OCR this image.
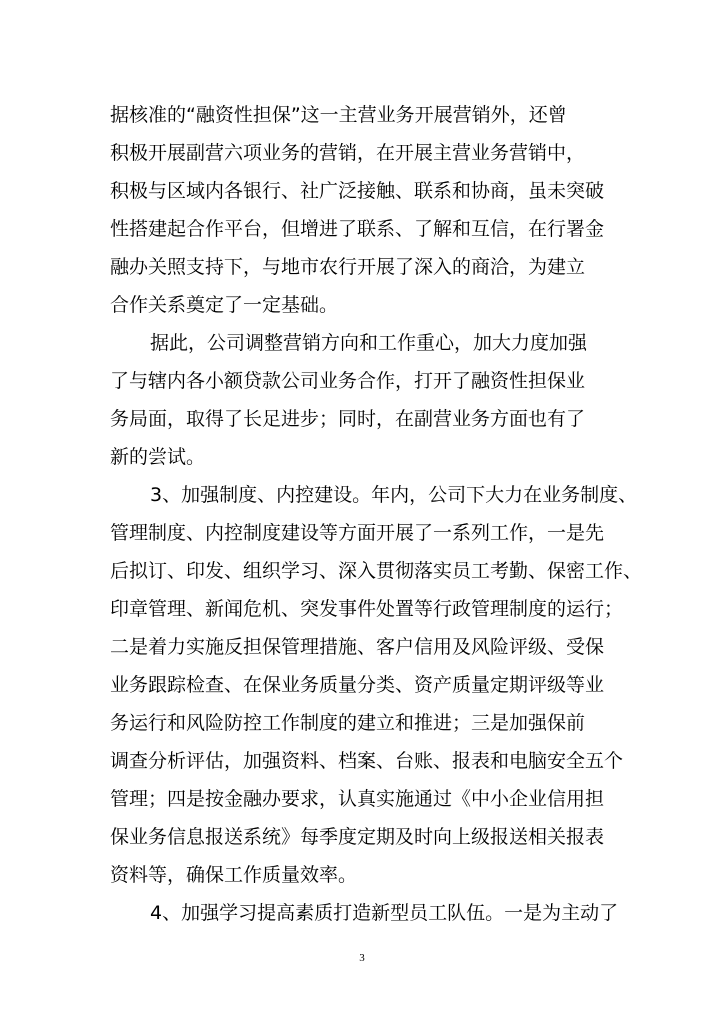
据核准的“融资性担保”这一主营业务开展营销外，还曾
积极开展副营六项业务的营销，在开展主营业务营销中，
积极与区域内各银行、社广泛接触、联系和协商，虽未突破
性搭建起合作平台，但增进了联系、了解和互信，在行署金
融办关照支持下，与地市农行开展了深入的商洽，为建立
合作关系奠定了一定基础。
据此，公司调整营销方向和工作重心，加大力度加强
了与辖内各小额贷款公司业务合作，打开了融资性担保业
务局面，取得了长足进步；同时，在副营业务方面也有了
新的尝试。
3、加强制度、内控建设。年内，公司下大力在业务制度、
管理制度、内控制度建设等方面开展了一系列工作，一是先
后拟订、印发、组织学习、深入贯彻落实员工考勤、保密工作、
印章管理、新闻危机、突发事件处置等行政管理制度的运行；
二是着力实施反担保管理措施、客户信用及风险评级、受保
业务跟踪检查、在保业务质量分类、资产质量定期评级等业
务运行和风险防控工作制度的建立和推进；三是加强保前
调查分析评估，加强资料、档案、台账、报表和电脑安全五个
管理；四是按金融办要求，认真实施通过《中小企业信用担
保业务信息报送系统》每季度定期及时向上级报送相关报表
资料等，确保工作质量效率。
4、加强学习提高素质打造新型员工队伍。一是为主动了
3
